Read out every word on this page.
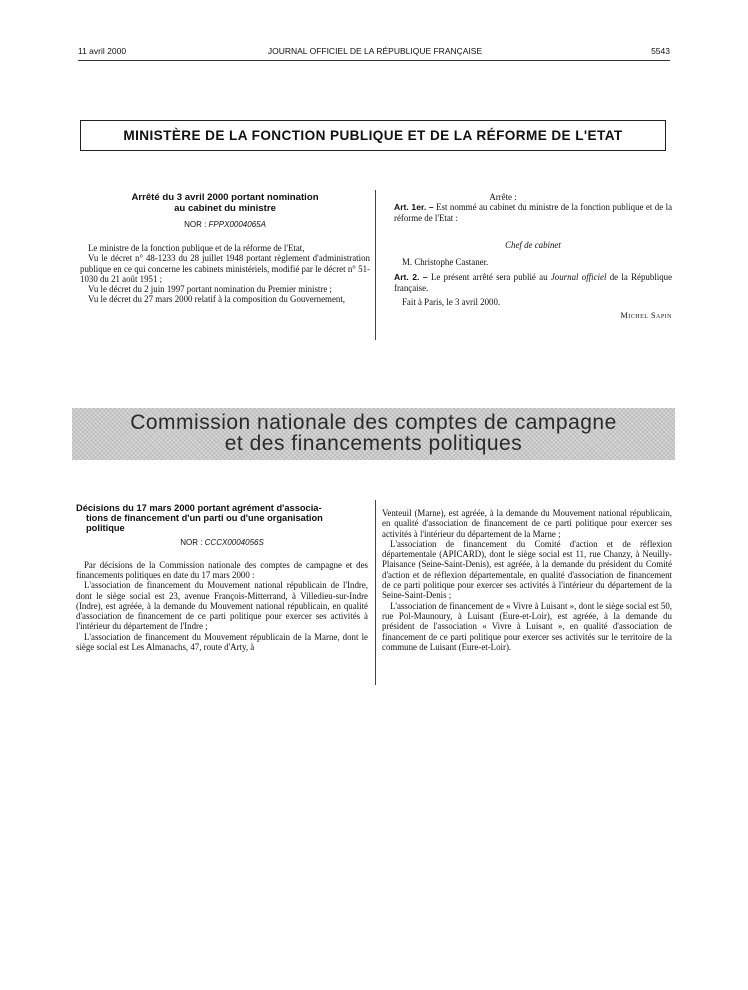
11 avril 2000	JOURNAL OFFICIEL DE LA RÉPUBLIQUE FRANÇAISE	5543
MINISTÈRE DE LA FONCTION PUBLIQUE ET DE LA RÉFORME DE L'ETAT
Arrêté du 3 avril 2000 portant nomination
au cabinet du ministre
NOR : FPPX0004065A

Le ministre de la fonction publique et de la réforme de l'Etat,

Vu le décret n° 48-1233 du 28 juillet 1948 portant règlement d'administration publique en ce qui concerne les cabinets ministériels, modifié par le décret n° 51-1030 du 21 août 1951 ;

Vu le décret du 2 juin 1997 portant nomination du Premier ministre ;

Vu le décret du 27 mars 2000 relatif à la composition du Gouvernement,

Arrête :

Art. 1er. – Est nommé au cabinet du ministre de la fonction publique et de la réforme de l'Etat :

Chef de cabinet

M. Christophe Castaner.

Art. 2. – Le présent arrêté sera publié au Journal officiel de la République française.

Fait à Paris, le 3 avril 2000.

Michel Sapin
Commission nationale des comptes de campagne
et des financements politiques
Décisions du 17 mars 2000 portant agrément d'associa-
tions de financement d'un parti ou d'une organisation
politique
NOR : CCCX0004056S

Par décisions de la Commission nationale des comptes de campagne et des financements politiques en date du 17 mars 2000 :

L'association de financement du Mouvement national républicain de l'Indre, dont le siège social est 23, avenue François-Mitterrand, à Villedieu-sur-Indre (Indre), est agréée, à la demande du Mouvement national républicain, en qualité d'association de financement de ce parti politique pour exercer ses activités à l'intérieur du département de l'Indre ;

L'association de financement du Mouvement républicain de la Marne, dont le siège social est Les Almanachs, 47, route d'Arty, à

Venteuil (Marne), est agréée, à la demande du Mouvement national républicain, en qualité d'association de financement de ce parti politique pour exercer ses activités à l'intérieur du département de la Marne ;

L'association de financement du Comité d'action et de réflexion départementale (APICARD), dont le siège social est 11, rue Chanzy, à Neuilly-Plaisance (Seine-Saint-Denis), est agréée, à la demande du président du Comité d'action et de réflexion départementale, en qualité d'association de financement de ce parti politique pour exercer ses activités à l'intérieur du département de la Seine-Saint-Denis ;

L'association de financement de « Vivre à Luisant », dont le siège social est 50, rue Pol-Maunoury, à Luisant (Eure-et-Loir), est agréée, à la demande du président de l'association « Vivre à Luisant », en qualité d'association de financement de ce parti politique pour exercer ses activités sur le territoire de la commune de Luisant (Eure-et-Loir).
